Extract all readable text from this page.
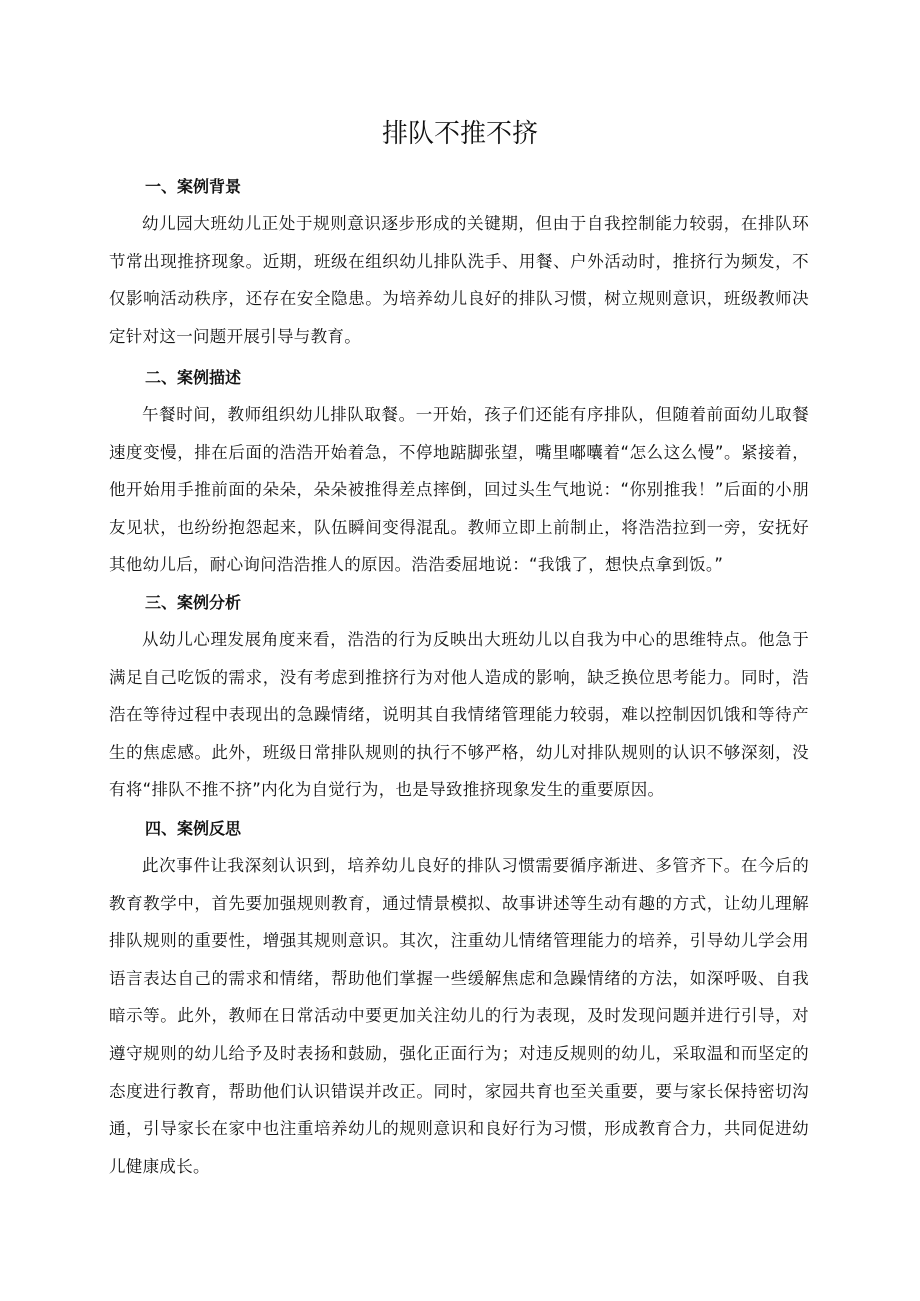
排队不推不挤

一、案例背景

幼儿园大班幼儿正处于规则意识逐步形成的关键期，但由于自我控制能力较弱，在排队环节常出现推挤现象。近期，班级在组织幼儿排队洗手、用餐、户外活动时，推挤行为频发，不仅影响活动秩序，还存在安全隐患。为培养幼儿良好的排队习惯，树立规则意识，班级教师决定针对这一问题开展引导与教育。

二、案例描述

午餐时间，教师组织幼儿排队取餐。一开始，孩子们还能有序排队，但随着前面幼儿取餐速度变慢，排在后面的浩浩开始着急，不停地踮脚张望，嘴里嘟囔着“怎么这么慢”。紧接着，他开始用手推前面的朵朵，朵朵被推得差点摔倒，回过头生气地说：“你别推我！”后面的小朋友见状，也纷纷抱怨起来，队伍瞬间变得混乱。教师立即上前制止，将浩浩拉到一旁，安抚好其他幼儿后，耐心询问浩浩推人的原因。浩浩委屈地说：“我饿了，想快点拿到饭。”

三、案例分析

从幼儿心理发展角度来看，浩浩的行为反映出大班幼儿以自我为中心的思维特点。他急于满足自己吃饭的需求，没有考虑到推挤行为对他人造成的影响，缺乏换位思考能力。同时，浩浩在等待过程中表现出的急躁情绪，说明其自我情绪管理能力较弱，难以控制因饥饿和等待产生的焦虑感。此外，班级日常排队规则的执行不够严格，幼儿对排队规则的认识不够深刻，没有将“排队不推不挤”内化为自觉行为，也是导致推挤现象发生的重要原因。

四、案例反思

此次事件让我深刻认识到，培养幼儿良好的排队习惯需要循序渐进、多管齐下。在今后的教育教学中，首先要加强规则教育，通过情景模拟、故事讲述等生动有趣的方式，让幼儿理解排队规则的重要性，增强其规则意识。其次，注重幼儿情绪管理能力的培养，引导幼儿学会用语言表达自己的需求和情绪，帮助他们掌握一些缓解焦虑和急躁情绪的方法，如深呼吸、自我暗示等。此外，教师在日常活动中要更加关注幼儿的行为表现，及时发现问题并进行引导，对遵守规则的幼儿给予及时表扬和鼓励，强化正面行为；对违反规则的幼儿，采取温和而坚定的态度进行教育，帮助他们认识错误并改正。同时，家园共育也至关重要，要与家长保持密切沟通，引导家长在家中也注重培养幼儿的规则意识和良好行为习惯，形成教育合力，共同促进幼儿健康成长。
